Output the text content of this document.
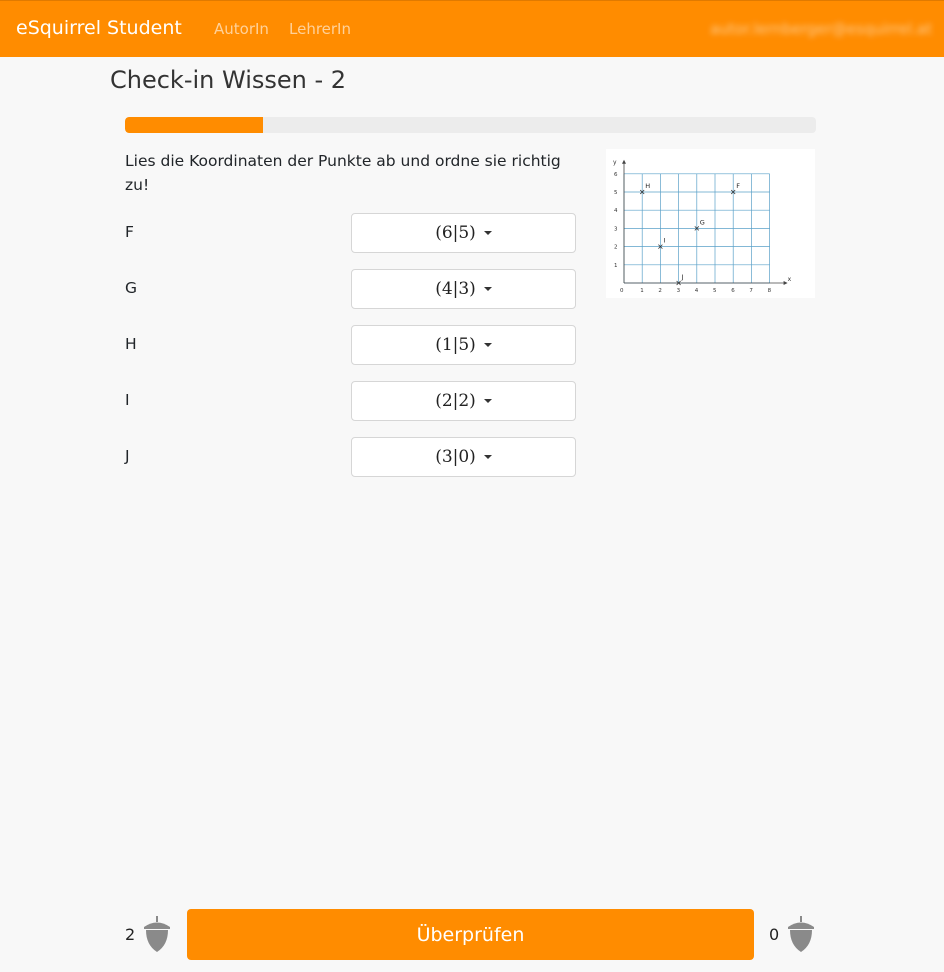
eSquirrel Student AutorIn LehrerIn	autor.lernberger@esquirrel.at
Check-in Wissen - 2
Lies die Koordinaten der Punkte ab und ordne sie richtig zu!
F	(6|5)
G	(4|3)
H	(1|5)
I	(2|2)
J	(3|0)
x
y
0	1	2	3	4	5	6	7	8
1
2
3
4
5
6
H	F
G
I
J
2	Überprüfen	0
